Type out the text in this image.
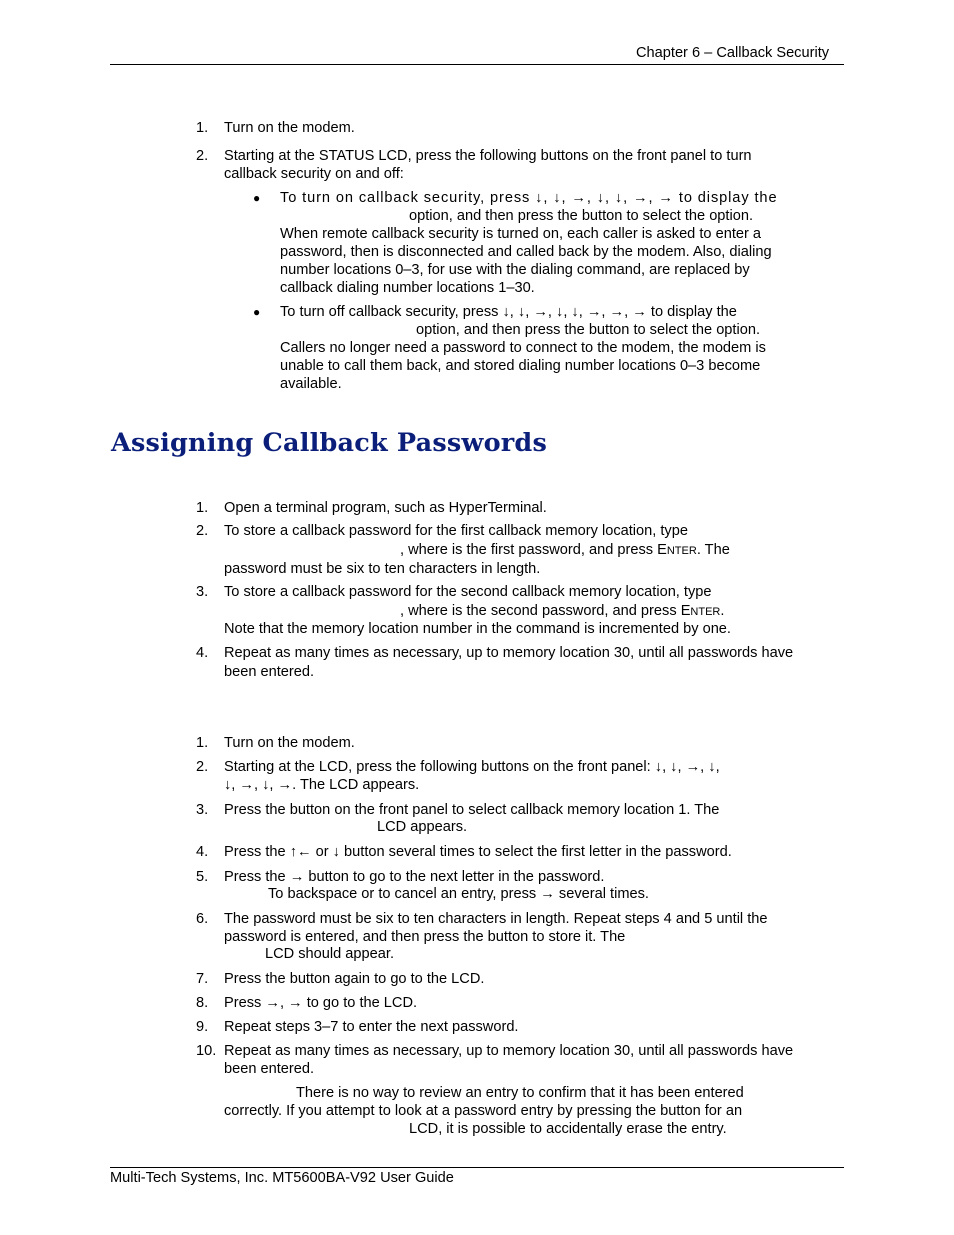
Chapter 6 – Callback Security
1. Turn on the modem.
2. Starting at the STATUS LCD, press the following buttons on the front panel to turn
callback security on and off:
● To turn on callback security, press ↓, ↓, →, ↓, ↓, →, → to display the
option, and then press the button to select the option.
When remote callback security is turned on, each caller is asked to enter a
password, then is disconnected and called back by the modem. Also, dialing
number locations 0–3, for use with the dialing command, are replaced by
callback dialing number locations 1–30.
● To turn off callback security, press ↓, ↓, →, ↓, ↓, →, →, → to display the
option, and then press the button to select the option.
Callers no longer need a password to connect to the modem, the modem is
unable to call them back, and stored dialing number locations 0–3 become
available.
Assigning Callback Passwords
1. Open a terminal program, such as HyperTerminal.
2. To store a callback password for the first callback memory location, type
, where is the first password, and press ENTER. The
password must be six to ten characters in length.
3. To store a callback password for the second callback memory location, type
, where is the second password, and press ENTER.
Note that the memory location number in the command is incremented by one.
4. Repeat as many times as necessary, up to memory location 30, until all passwords have
been entered.
1. Turn on the modem.
2. Starting at the LCD, press the following buttons on the front panel: ↓, ↓, →, ↓,
↓, →, ↓, →. The LCD appears.
3. Press the button on the front panel to select callback memory location 1. The
LCD appears.
4. Press the ↑← or ↓ button several times to select the first letter in the password.
5. Press the → button to go to the next letter in the password.
To backspace or to cancel an entry, press → several times.
6. The password must be six to ten characters in length. Repeat steps 4 and 5 until the
password is entered, and then press the button to store it. The
LCD should appear.
7. Press the button again to go to the LCD.
8. Press →, → to go to the LCD.
9. Repeat steps 3–7 to enter the next password.
10. Repeat as many times as necessary, up to memory location 30, until all passwords have
been entered.
There is no way to review an entry to confirm that it has been entered
correctly. If you attempt to look at a password entry by pressing the button for an
LCD, it is possible to accidentally erase the entry.
Multi-Tech Systems, Inc. MT5600BA-V92 User Guide
